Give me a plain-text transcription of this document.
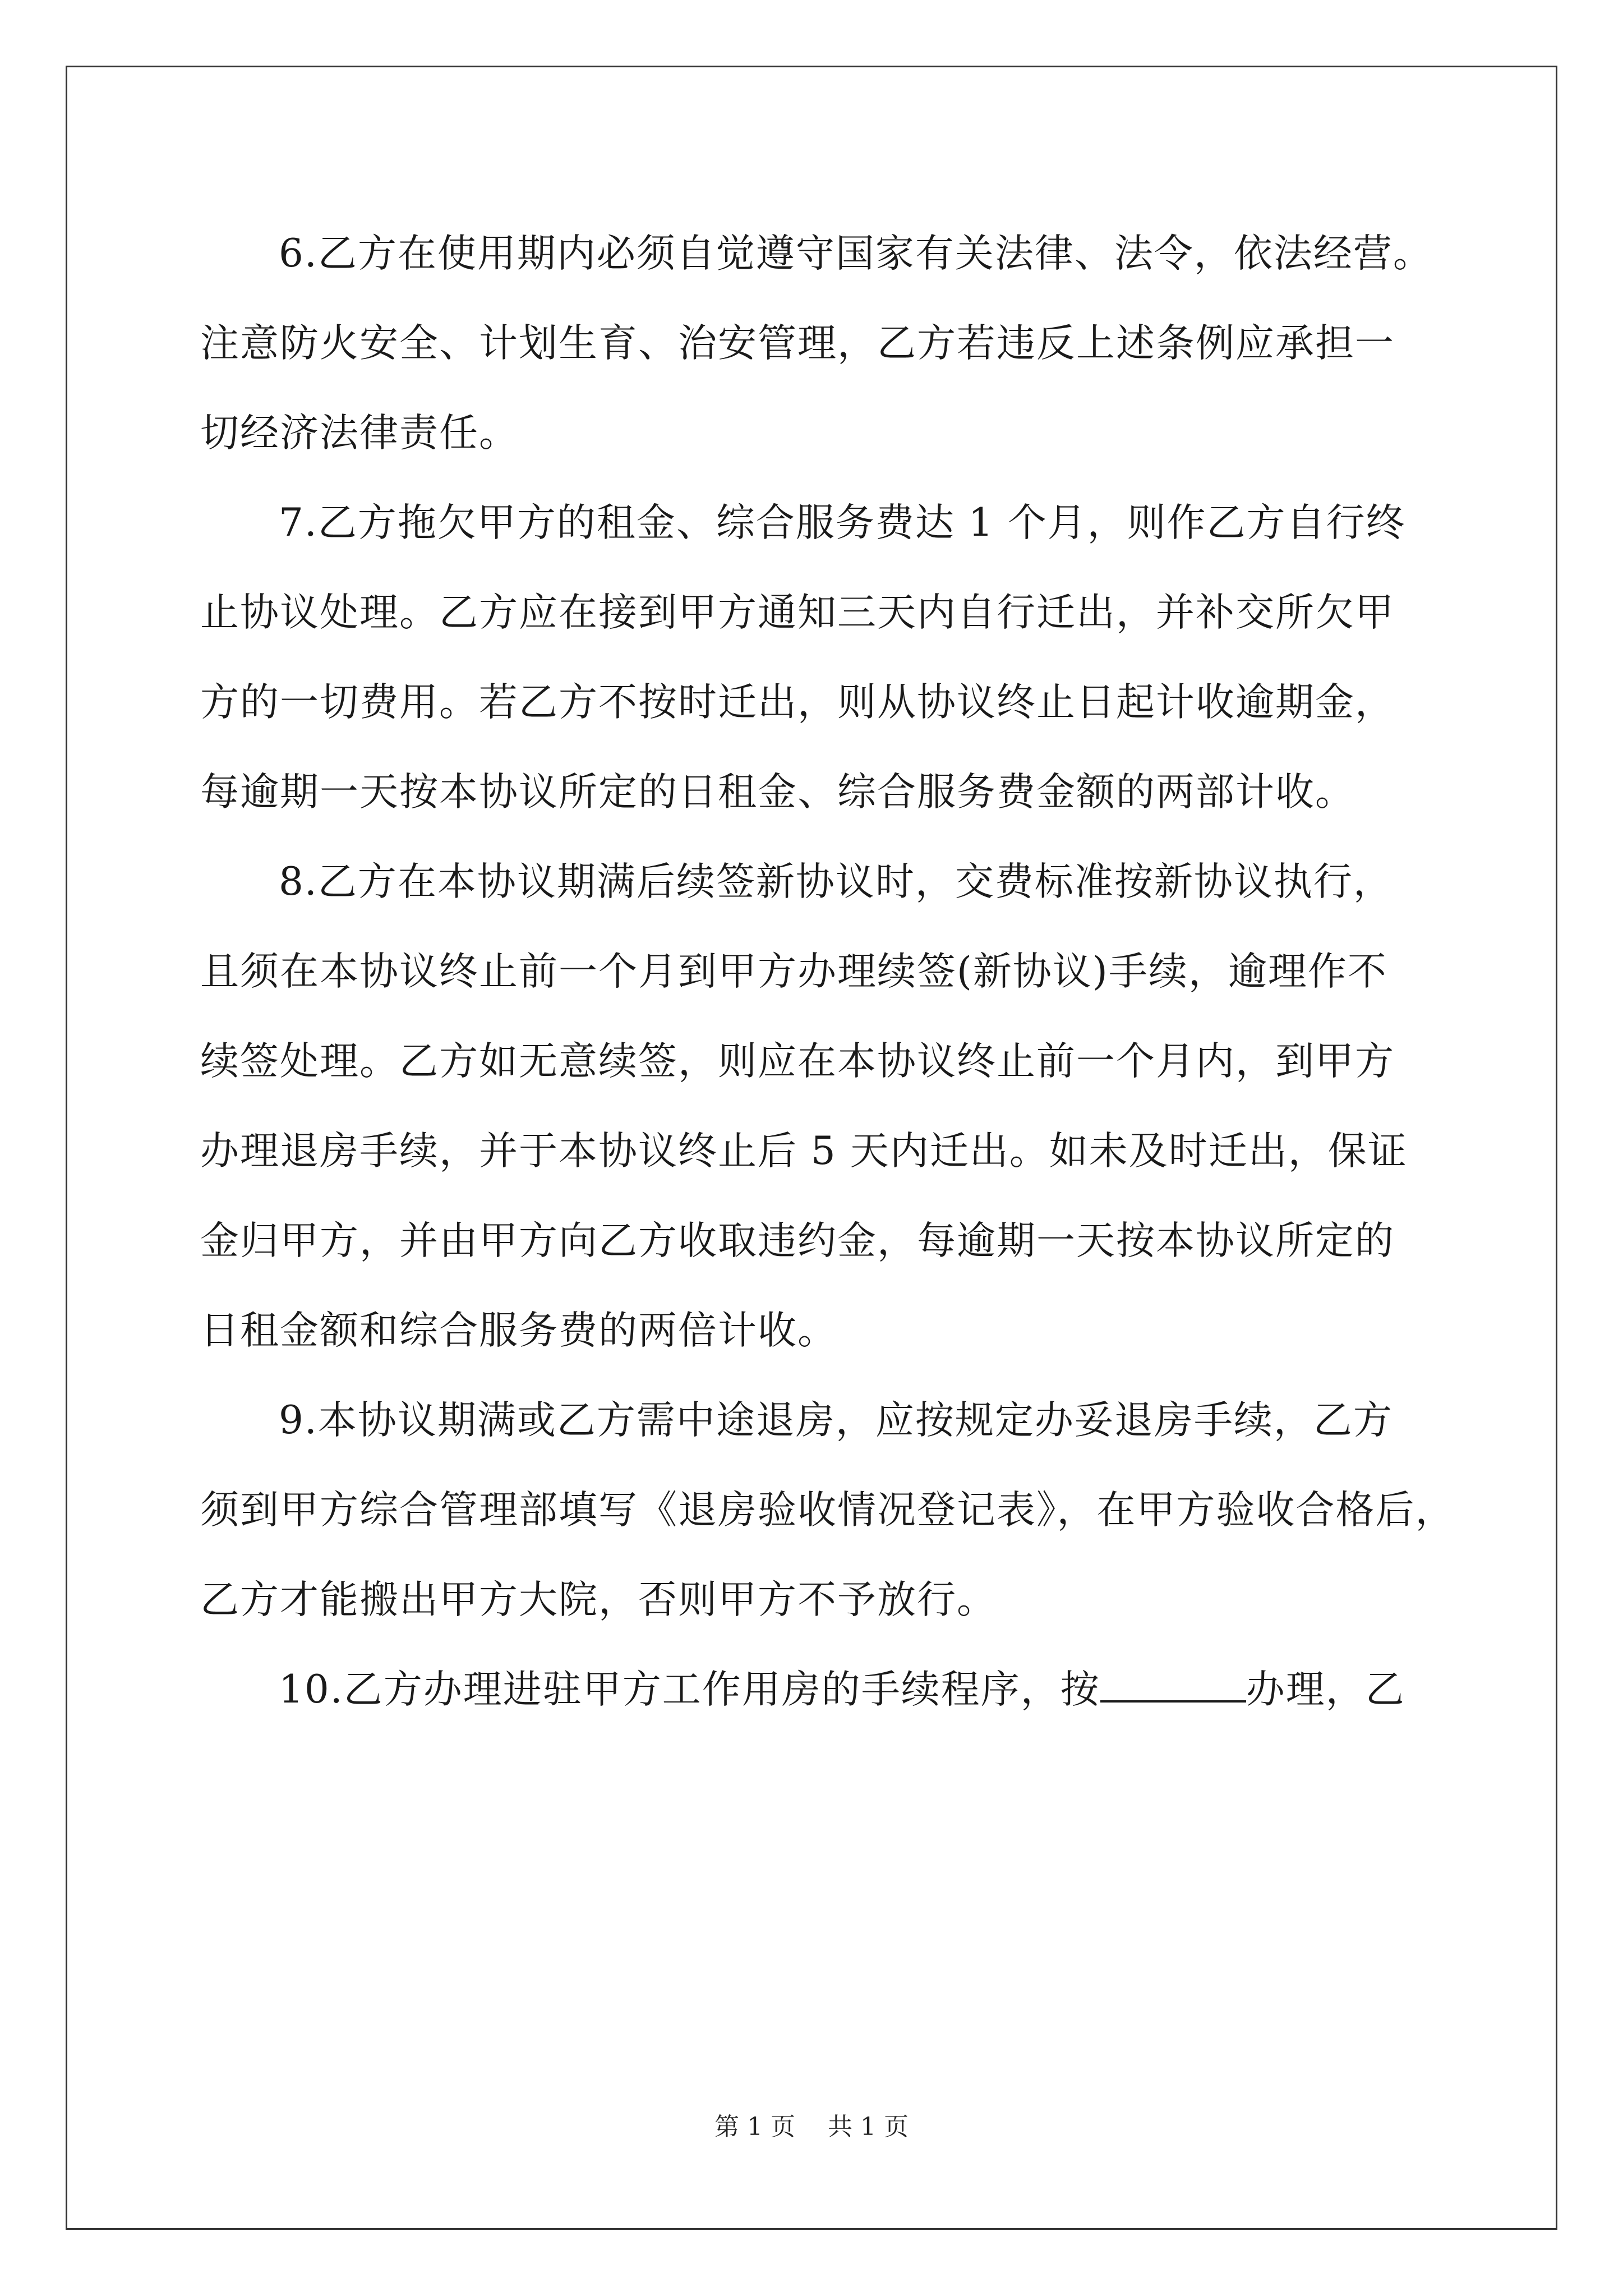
6.乙方在使用期内必须自觉遵守国家有关法律、法令，依法经营。
注意防火安全、计划生育、治安管理，乙方若违反上述条例应承担一
切经济法律责任。
7.乙方拖欠甲方的租金、综合服务费达 1 个月，则作乙方自行终
止协议处理。乙方应在接到甲方通知三天内自行迁出，并补交所欠甲
方的一切费用。若乙方不按时迁出，则从协议终止日起计收逾期金，
每逾期一天按本协议所定的日租金、综合服务费金额的两部计收。
8.乙方在本协议期满后续签新协议时，交费标准按新协议执行，
且须在本协议终止前一个月到甲方办理续签(新协议)手续，逾理作不
续签处理。乙方如无意续签，则应在本协议终止前一个月内，到甲方
办理退房手续，并于本协议终止后 5 天内迁出。如未及时迁出，保证
金归甲方，并由甲方向乙方收取违约金，每逾期一天按本协议所定的
日租金额和综合服务费的两倍计收。
9.本协议期满或乙方需中途退房，应按规定办妥退房手续，乙方
须到甲方综合管理部填写《退房验收情况登记表》，在甲方验收合格后，
乙方才能搬出甲方大院，否则甲方不予放行。
10.乙方办理进驻甲方工作用房的手续程序，按	办理，乙
第 1 页　 共 1 页
